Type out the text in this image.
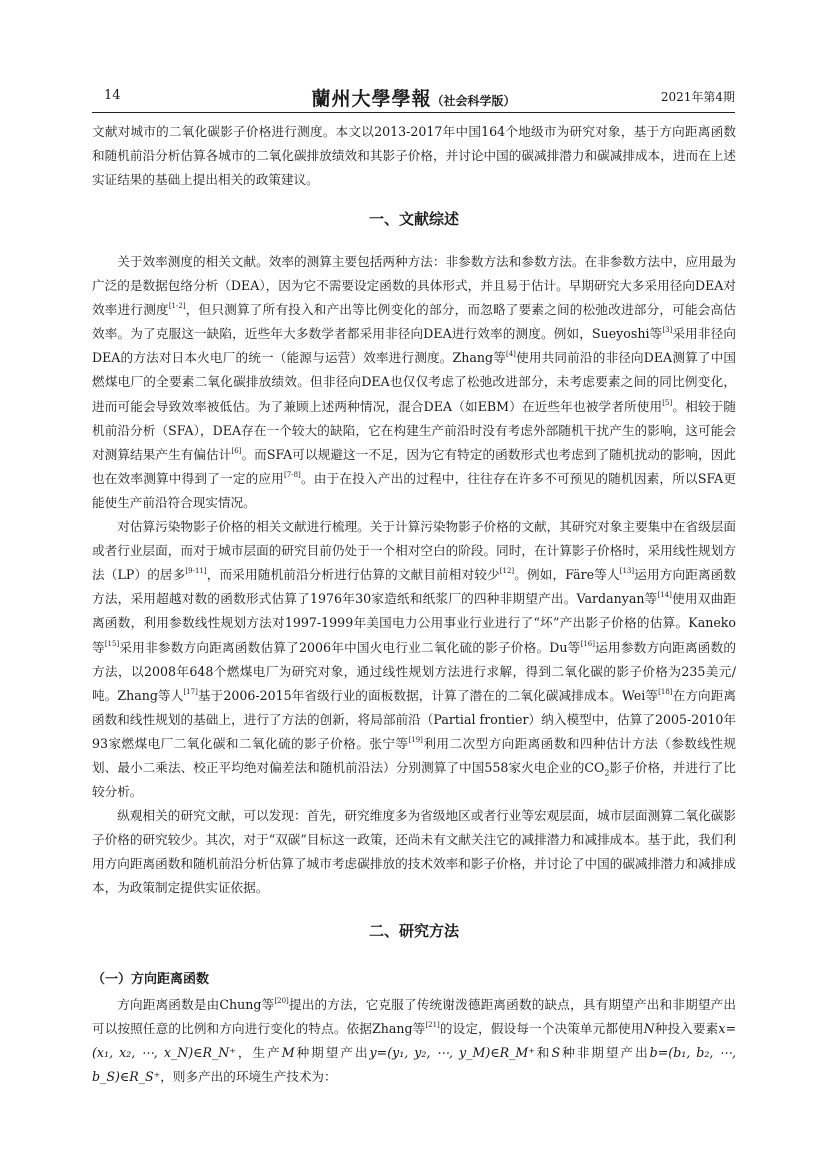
14	蘭州大學學報（社会科学版）	2021年第4期

文献对城市的二氧化碳影子价格进行测度。本文以2013-2017年中国164个地级市为研究对象，基于方向距离函数和随机前沿分析估算各城市的二氧化碳排放绩效和其影子价格，并讨论中国的碳减排潜力和碳减排成本，进而在上述实证结果的基础上提出相关的政策建议。

一、文献综述

关于效率测度的相关文献。效率的测算主要包括两种方法：非参数方法和参数方法。在非参数方法中，应用最为广泛的是数据包络分析（DEA），因为它不需要设定函数的具体形式，并且易于估计。早期研究大多采用径向DEA对效率进行测度[1-2]，但只测算了所有投入和产出等比例变化的部分，而忽略了要素之间的松弛改进部分，可能会高估效率。为了克服这一缺陷，近些年大多数学者都采用非径向DEA进行效率的测度。例如，Sueyoshi等[3]采用非径向DEA的方法对日本火电厂的统一（能源与运营）效率进行测度。Zhang等[4]使用共同前沿的非径向DEA测算了中国燃煤电厂的全要素二氧化碳排放绩效。但非径向DEA也仅仅考虑了松弛改进部分，未考虑要素之间的同比例变化，进而可能会导致效率被低估。为了兼顾上述两种情况，混合DEA（如EBM）在近些年也被学者所使用[5]。相较于随机前沿分析（SFA），DEA存在一个较大的缺陷，它在构建生产前沿时没有考虑外部随机干扰产生的影响，这可能会对测算结果产生有偏估计[6]。而SFA可以规避这一不足，因为它有特定的函数形式也考虑到了随机扰动的影响，因此也在效率测算中得到了一定的应用[7-8]。由于在投入产出的过程中，往往存在许多不可预见的随机因素，所以SFA更能使生产前沿符合现实情况。

对估算污染物影子价格的相关文献进行梳理。关于计算污染物影子价格的文献，其研究对象主要集中在省级层面或者行业层面，而对于城市层面的研究目前仍处于一个相对空白的阶段。同时，在计算影子价格时，采用线性规划方法（LP）的居多[9-11]，而采用随机前沿分析进行估算的文献目前相对较少[12]。例如，Färe等人[13]运用方向距离函数方法，采用超越对数的函数形式估算了1976年30家造纸和纸浆厂的四种非期望产出。Vardanyan等[14]使用双曲距离函数，利用参数线性规划方法对1997-1999年美国电力公用事业行业进行了“坏”产出影子价格的估算。Kaneko等[15]采用非参数方向距离函数估算了2006年中国火电行业二氧化硫的影子价格。Du等[16]运用参数方向距离函数的方法，以2008年648个燃煤电厂为研究对象，通过线性规划方法进行求解，得到二氧化碳的影子价格为235美元/吨。Zhang等人[17]基于2006-2015年省级行业的面板数据，计算了潜在的二氧化碳减排成本。Wei等[18]在方向距离函数和线性规划的基础上，进行了方法的创新，将局部前沿（Partial frontier）纳入模型中，估算了2005-2010年93家燃煤电厂二氧化碳和二氧化硫的影子价格。张宁等[19]利用二次型方向距离函数和四种估计方法（参数线性规划、最小二乘法、校正平均绝对偏差法和随机前沿法）分别测算了中国558家火电企业的$CO_2$影子价格，并进行了比较分析。

纵观相关的研究文献，可以发现：首先，研究维度多为省级地区或者行业等宏观层面，城市层面测算二氧化碳影子价格的研究较少。其次，对于“双碳”目标这一政策，还尚未有文献关注它的减排潜力和减排成本。基于此，我们利用方向距离函数和随机前沿分析估算了城市考虑碳排放的技术效率和影子价格，并讨论了中国的碳减排潜力和减排成本，为政策制定提供实证依据。

二、研究方法
（一）方向距离函数

方向距离函数是由Chung等[20]提出的方法，它克服了传统谢泼德距离函数的缺点，具有期望产出和非期望产出可以按照任意的比例和方向进行变化的特点。依据Zhang等[21]的设定，假设每一个决策单元都使用N种投入要素x=(x₁, x₂, ⋯, x_N)∈R_N⁺，生产M种期望产出y=(y₁, y₂, ⋯, y_M)∈R_M⁺和S种非期望产出b=(b₁, b₂, ⋯, b_S)∈R_S⁺，则多产出的环境生产技术为：
